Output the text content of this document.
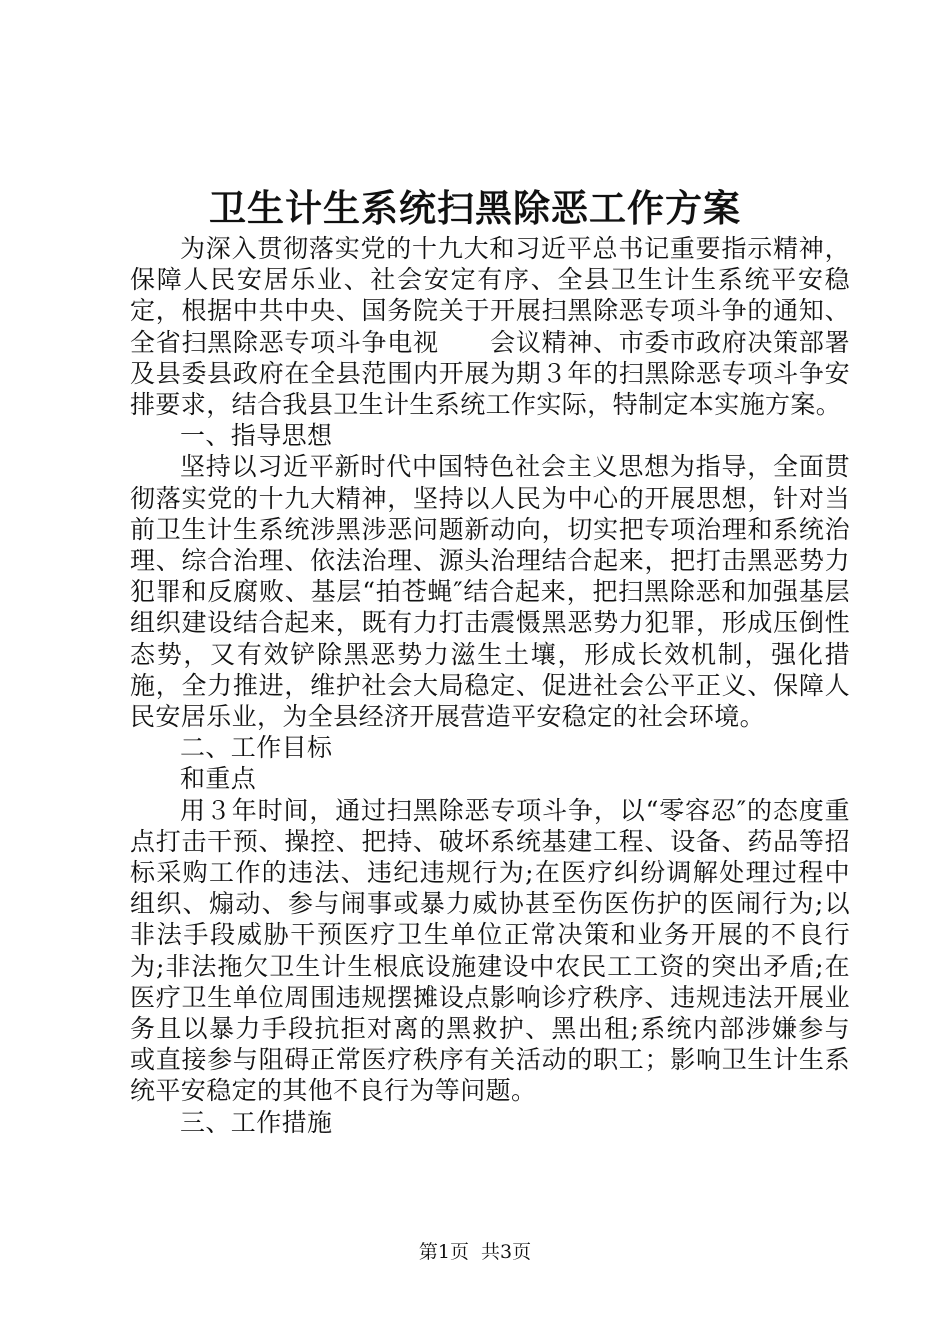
卫生计生系统扫黑除恶工作方案

为深入贯彻落实党的十九大和习近平总书记重要指示精神，保障人民安居乐业、社会安定有序、全县卫生计生系统平安稳定，根据中共中央、国务院关于开展扫黑除恶专项斗争的通知、全省扫黑除恶专项斗争电视　　会议精神、市委市政府决策部署及县委县政府在全县范围内开展为期３年的扫黑除恶专项斗争安排要求，结合我县卫生计生系统工作实际，特制定本实施方案。

一、指导思想

坚持以习近平新时代中国特色社会主义思想为指导，全面贯彻落实党的十九大精神，坚持以人民为中心的开展思想，针对当前卫生计生系统涉黑涉恶问题新动向，切实把专项治理和系统治理、综合治理、依法治理、源头治理结合起来，把打击黑恶势力犯罪和反腐败、基层“拍苍蝇″结合起来，把扫黑除恶和加强基层组织建设结合起来，既有力打击震慑黑恶势力犯罪，形成压倒性态势，又有效铲除黑恶势力滋生土壤，形成长效机制，强化措施，全力推进，维护社会大局稳定、促进社会公平正义、保障人民安居乐业，为全县经济开展营造平安稳定的社会环境。

二、工作目标

和重点

用３年时间，通过扫黑除恶专项斗争，以“零容忍″的态度重点打击干预、操控、把持、破坏系统基建工程、设备、药品等招标采购工作的违法、违纪违规行为;在医疗纠纷调解处理过程中组织、煽动、参与闹事或暴力威协甚至伤医伤护的医闹行为;以非法手段威胁干预医疗卫生单位正常决策和业务开展的不良行为;非法拖欠卫生计生根底设施建设中农民工工资的突出矛盾;在医疗卫生单位周围违规摆摊设点影响诊疗秩序、违规违法开展业务且以暴力手段抗拒对离的黑救护、黑出租;系统内部涉嫌参与或直接参与阻碍正常医疗秩序有关活动的职工；影响卫生计生系统平安稳定的其他不良行为等问题。

三、工作措施

第1页 共3页
